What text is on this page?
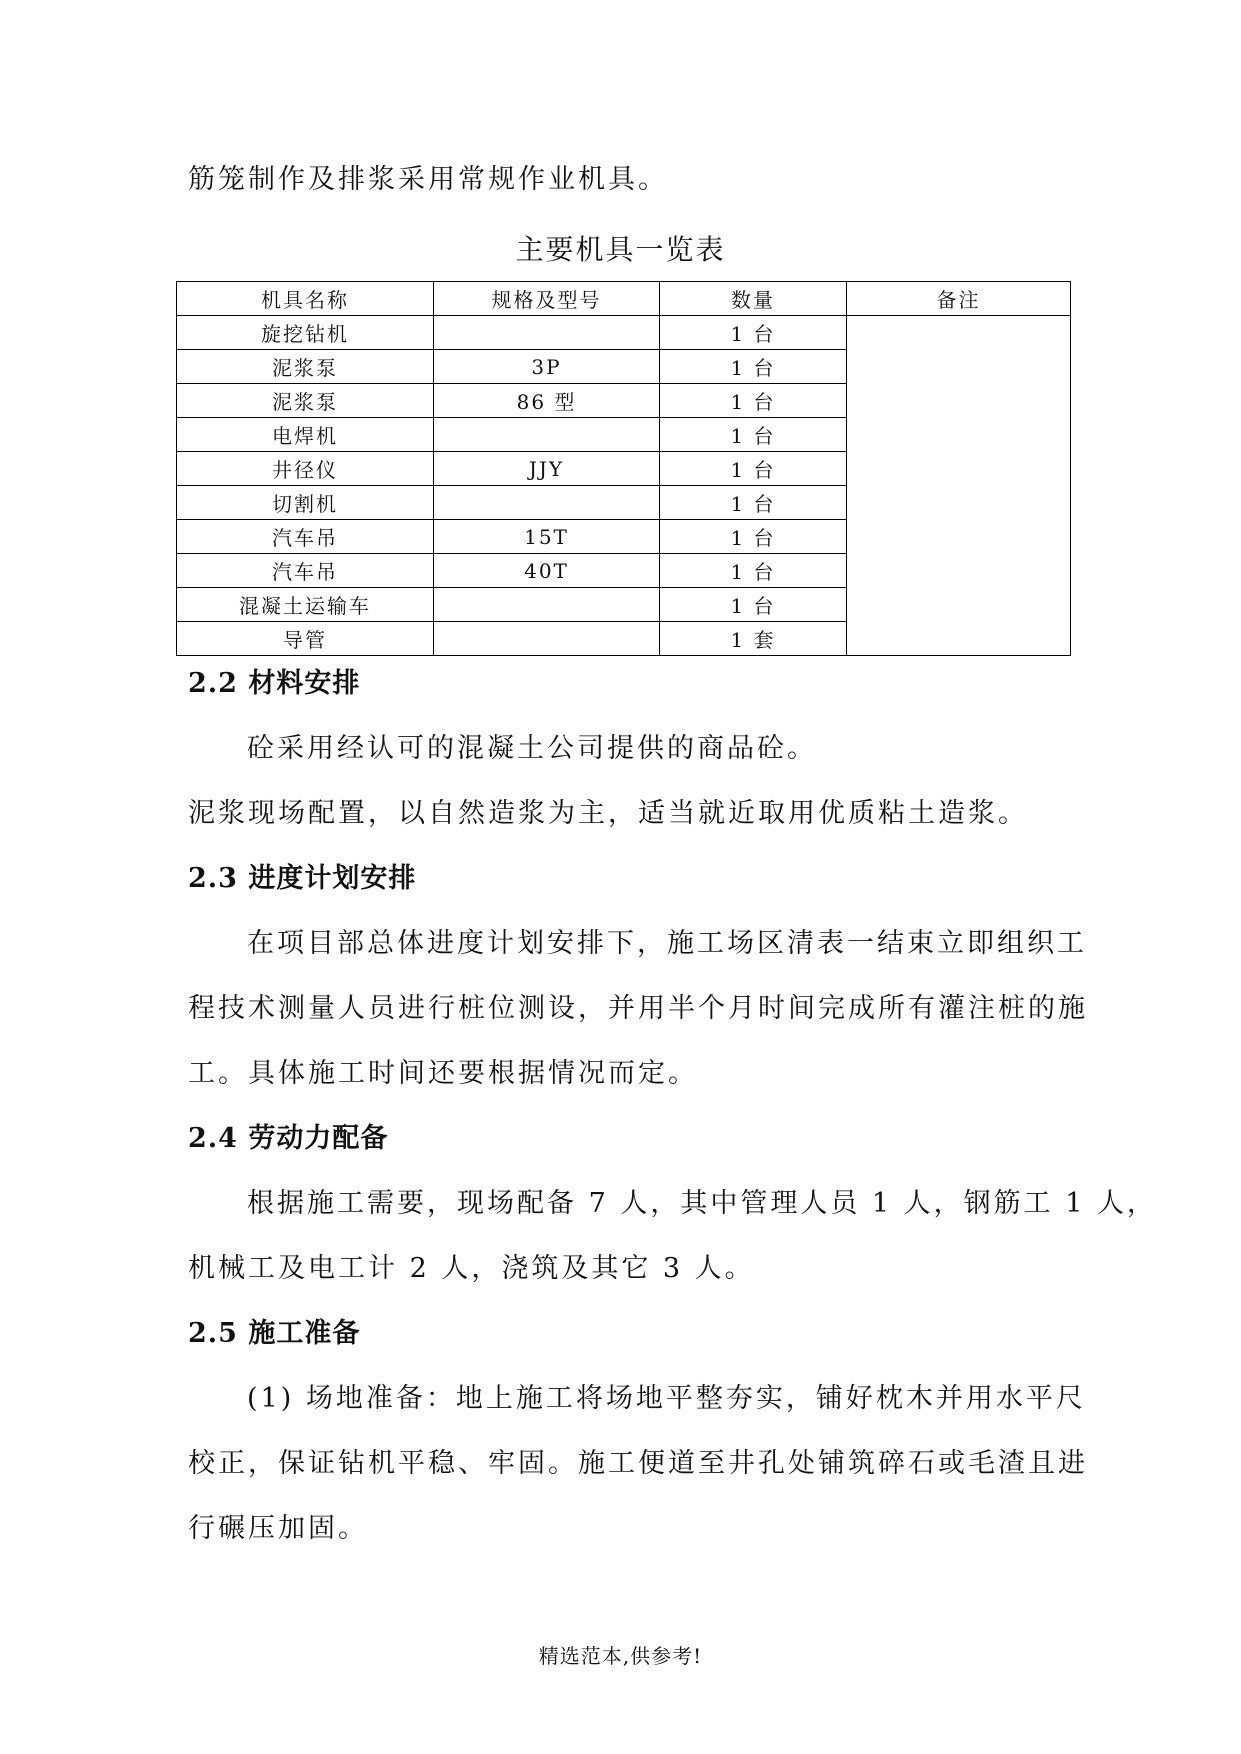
筋笼制作及排浆采用常规作业机具。
主要机具一览表
机具名称	规格及型号	数量	备注
旋挖钻机		1 台	
泥浆泵	3P	1 台	
泥浆泵	86 型	1 台	
电焊机		1 台	
井径仪	JJY	1 台	
切割机		1 台	
汽车吊	15T	1 台	
汽车吊	40T	1 台	
混凝土运输车		1 台	
导管		1 套	
2.2 材料安排
砼采用经认可的混凝土公司提供的商品砼。
泥浆现场配置，以自然造浆为主，适当就近取用优质粘土造浆。
2.3 进度计划安排
在项目部总体进度计划安排下，施工场区清表一结束立即组织工
程技术测量人员进行桩位测设，并用半个月时间完成所有灌注桩的施
工。具体施工时间还要根据情况而定。
2.4 劳动力配备
根据施工需要，现场配备 7 人，其中管理人员 1 人，钢筋工 1 人，
机械工及电工计 2 人，浇筑及其它 3 人。
2.5 施工准备
(1) 场地准备：地上施工将场地平整夯实，铺好枕木并用水平尺
校正，保证钻机平稳、牢固。施工便道至井孔处铺筑碎石或毛渣且进
行碾压加固。
精选范本,供参考!
